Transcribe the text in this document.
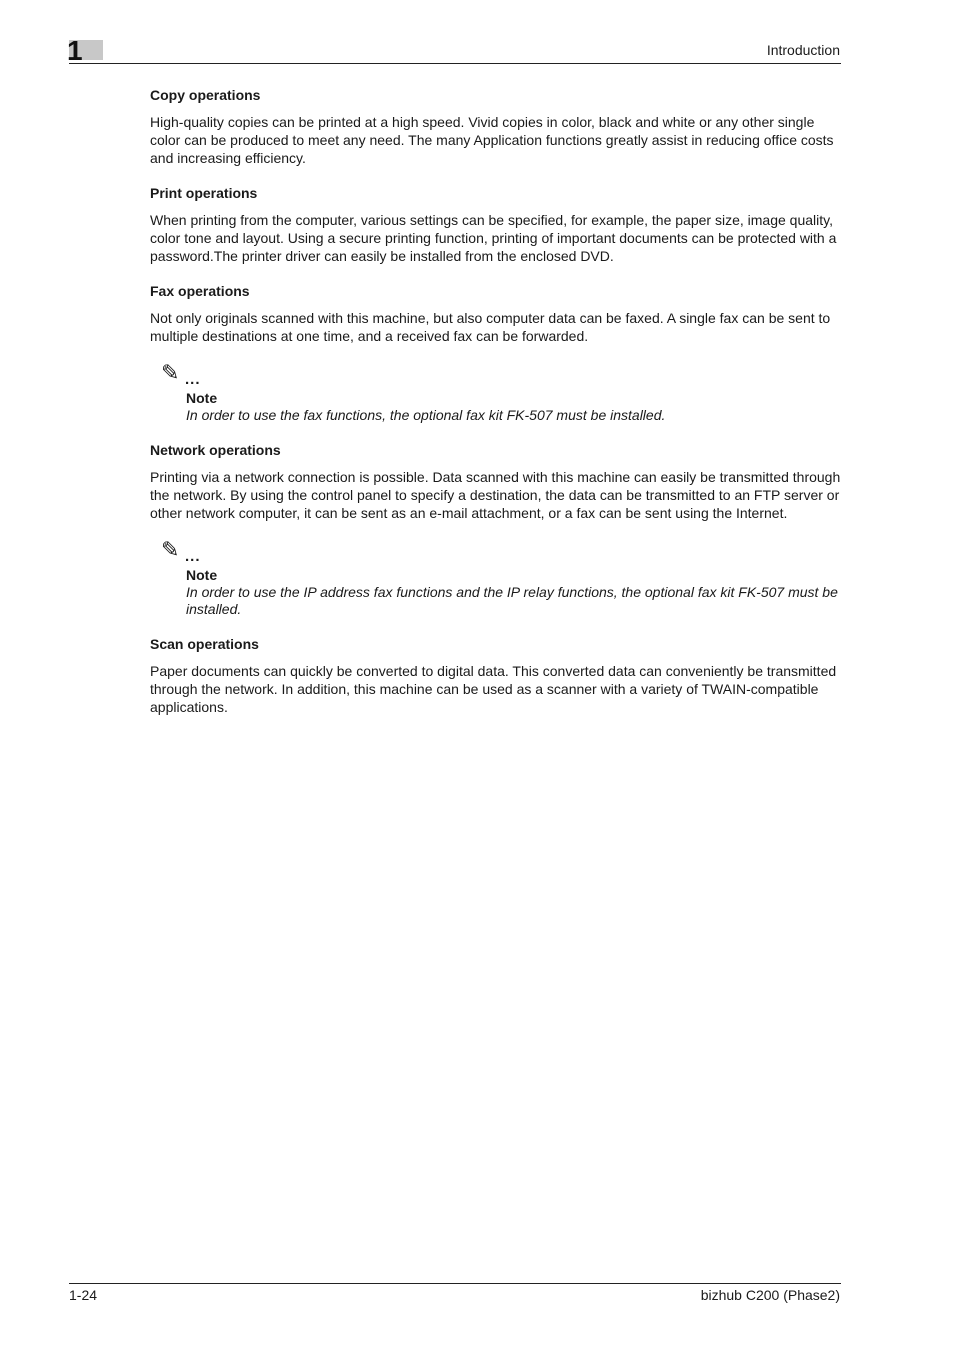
1	Introduction
Copy operations

High-quality copies can be printed at a high speed. Vivid copies in color, black and white or any other single color can be produced to meet any need. The many Application functions greatly assist in reducing office costs and increasing efficiency.

Print operations

When printing from the computer, various settings can be specified, for example, the paper size, image quality, color tone and layout. Using a secure printing function, printing of important documents can be protected with a password.The printer driver can easily be installed from the enclosed DVD.

Fax operations

Not only originals scanned with this machine, but also computer data can be faxed. A single fax can be sent to multiple destinations at one time, and a received fax can be forwarded.

✎ ...
Note

In order to use the fax functions, the optional fax kit FK-507 must be installed.

Network operations

Printing via a network connection is possible. Data scanned with this machine can easily be transmitted through the network. By using the control panel to specify a destination, the data can be transmitted to an FTP server or other network computer, it can be sent as an e-mail attachment, or a fax can be sent using the Internet.

✎ ...
Note

In order to use the IP address fax functions and the IP relay functions, the optional fax kit FK-507 must be installed.

Scan operations

Paper documents can quickly be converted to digital data. This converted data can conveniently be transmitted through the network. In addition, this machine can be used as a scanner with a variety of TWAIN-compatible applications.

1-24	bizhub C200 (Phase2)
